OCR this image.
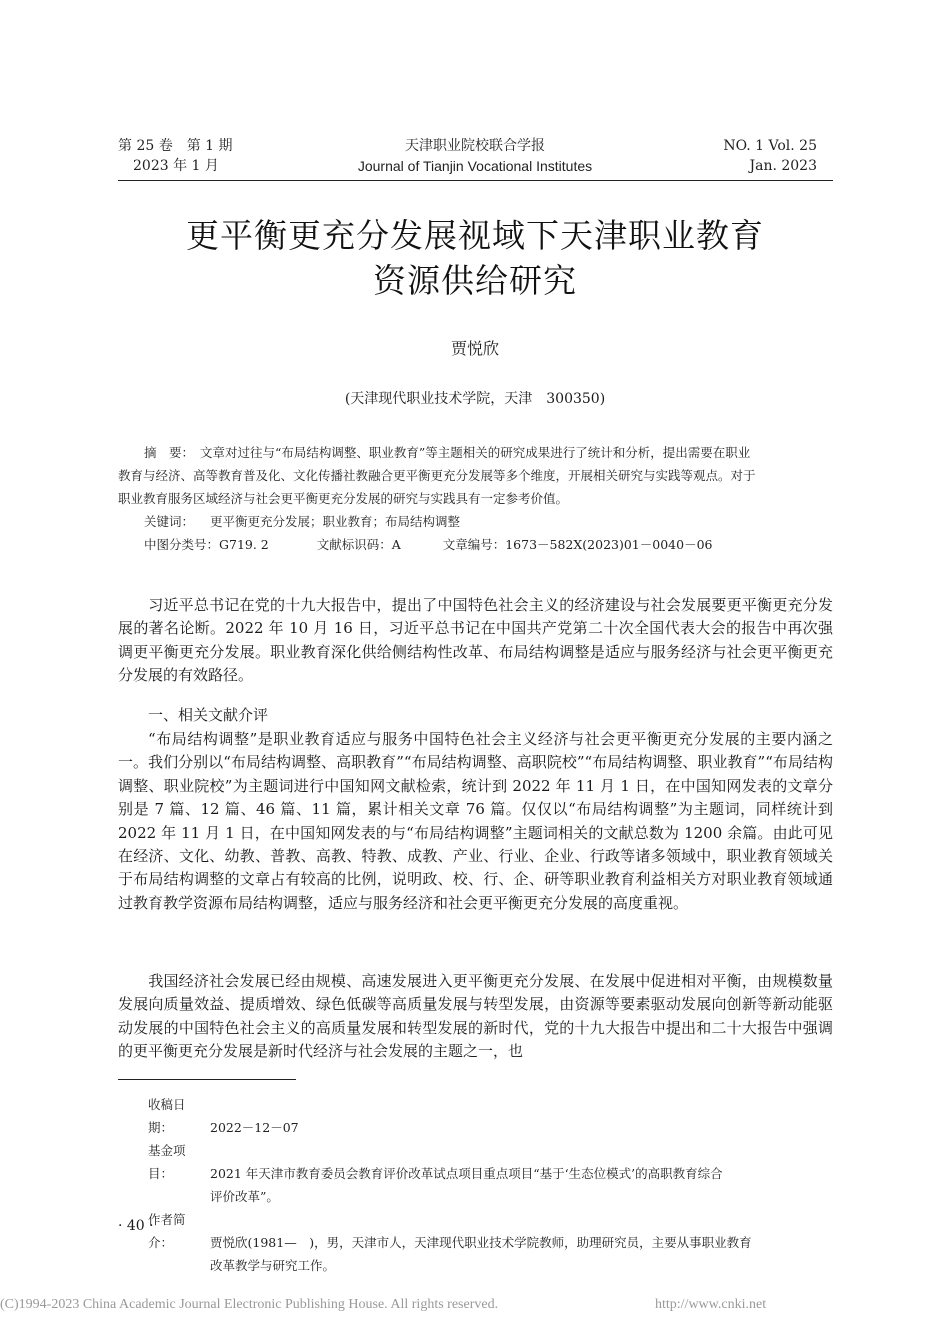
第 25 卷　第 1 期
2023 年 1 月
天津职业院校联合学报
Journal of Tianjin Vocational Institutes
NO. 1 Vol. 25
Jan. 2023
更平衡更充分发展视域下天津职业教育
资源供给研究
贾悦欣
(天津现代职业技术学院，天津　300350)
摘　要： 文章对过往与“布局结构调整、职业教育”等主题相关的研究成果进行了统计和分析，提出需要在职业
教育与经济、高等教育普及化、文化传播社教融合更平衡更充分发展等多个维度，开展相关研究与实践等观点。对于
职业教育服务区域经济与社会更平衡更充分发展的研究与实践具有一定参考价值。
关键词： 更平衡更充分发展；职业教育；布局结构调整
中图分类号：G719. 2	文献标识码：A	文章编号：1673－582X(2023)01－0040－06
习近平总书记在党的十九大报告中，提出了中国特色社会主义的经济建设与社会发展要更平衡更充分发展的著名论断。2022 年 10 月 16 日，习近平总书记在中国共产党第二十次全国代表大会的报告中再次强调更平衡更充分发展。职业教育深化供给侧结构性改革、布局结构调整是适应与服务经济与社会更平衡更充分发展的有效路径。
一、相关文献介评
“布局结构调整”是职业教育适应与服务中国特色社会主义经济与社会更平衡更充分发展的主要内涵之一。我们分别以“布局结构调整、高职教育”“布局结构调整、高职院校”“布局结构调整、职业教育”“布局结构调整、职业院校”为主题词进行中国知网文献检索，统计到 2022 年 11 月 1 日，在中国知网发表的文章分别是 7 篇、12 篇、46 篇、11 篇，累计相关文章 76 篇。仅仅以“布局结构调整”为主题词，同样统计到 2022 年 11 月 1 日，在中国知网发表的与“布局结构调整”主题词相关的文献总数为 1200 余篇。由此可见在经济、文化、幼教、普教、高教、特教、成教、产业、行业、企业、行政等诸多领域中，职业教育领域关于布局结构调整的文章占有较高的比例，说明政、校、行、企、研等职业教育利益相关方对职业教育领域通过教育教学资源布局结构调整，适应与服务经济和社会更平衡更充分发展的高度重视。
我国经济社会发展已经由规模、高速发展进入更平衡更充分发展、在发展中促进相对平衡，由规模数量发展向质量效益、提质增效、绿色低碳等高质量发展与转型发展，由资源等要素驱动发展向创新等新动能驱动发展的中国特色社会主义的高质量发展和转型发展的新时代，党的十九大报告中提出和二十大报告中强调的更平衡更充分发展是新时代经济与社会发展的主题之一，也
收稿日期：	2022－12－07
基金项目：	2021 年天津市教育委员会教育评价改革试点项目重点项目“基于‘生态位模式’的高职教育综合
评价改革”。
作者简介：	贾悦欣(1981—　)，男，天津市人，天津现代职业技术学院教师，助理研究员，主要从事职业教育
改革教学与研究工作。
· 40 ·
(C)1994-2023 China Academic Journal Electronic Publishing House. All rights reserved.	http://www.cnki.net
